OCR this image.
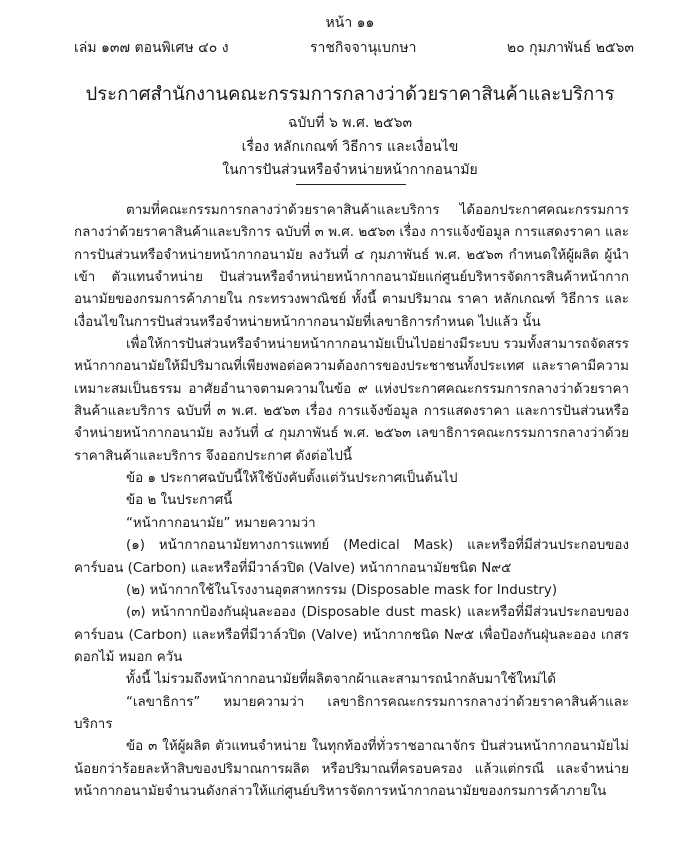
หน้า ๑๑
เล่ม ๑๓๗ ตอนพิเศษ ๔๐ ง	ราชกิจจานุเบกษา	๒๐ กุมภาพันธ์ ๒๕๖๓
ประกาศสำนักงานคณะกรรมการกลางว่าด้วยราคาสินค้าและบริการ
ฉบับที่ ๖ พ.ศ. ๒๕๖๓
เรื่อง หลักเกณฑ์ วิธีการ และเงื่อนไข
ในการปันส่วนหรือจำหน่ายหน้ากากอนามัย

ตามที่คณะกรรมการกลางว่าด้วยราคาสินค้าและบริการ ได้ออกประกาศคณะกรรมการกลางว่าด้วยราคาสินค้าและบริการ ฉบับที่ ๓ พ.ศ. ๒๕๖๓ เรื่อง การแจ้งข้อมูล การแสดงราคา และการปันส่วนหรือจำหน่ายหน้ากากอนามัย ลงวันที่ ๔ กุมภาพันธ์ พ.ศ. ๒๕๖๓ กำหนดให้ผู้ผลิต ผู้นำเข้า ตัวแทนจำหน่าย ปันส่วนหรือจำหน่ายหน้ากากอนามัยแก่ศูนย์บริหารจัดการสินค้าหน้ากากอนามัยของกรมการค้าภายใน กระทรวงพาณิชย์ ทั้งนี้ ตามปริมาณ ราคา หลักเกณฑ์ วิธีการ และเงื่อนไขในการปันส่วนหรือจำหน่ายหน้ากากอนามัยที่เลขาธิการกำหนด ไปแล้ว นั้น

เพื่อให้การปันส่วนหรือจำหน่ายหน้ากากอนามัยเป็นไปอย่างมีระบบ รวมทั้งสามารถจัดสรรหน้ากากอนามัยให้มีปริมาณที่เพียงพอต่อความต้องการของประชาชนทั้งประเทศ และราคามีความเหมาะสมเป็นธรรม อาศัยอำนาจตามความในข้อ ๙ แห่งประกาศคณะกรรมการกลางว่าด้วยราคาสินค้าและบริการ ฉบับที่ ๓ พ.ศ. ๒๕๖๓ เรื่อง การแจ้งข้อมูล การแสดงราคา และการปันส่วนหรือจำหน่ายหน้ากากอนามัย ลงวันที่ ๔ กุมภาพันธ์ พ.ศ. ๒๕๖๓ เลขาธิการคณะกรรมการกลางว่าด้วยราคาสินค้าและบริการ จึงออกประกาศ ดังต่อไปนี้

ข้อ ๑ ประกาศฉบับนี้ให้ใช้บังคับตั้งแต่วันประกาศเป็นต้นไป

ข้อ ๒ ในประกาศนี้

“หน้ากากอนามัย” หมายความว่า

(๑) หน้ากากอนามัยทางการแพทย์ (Medical Mask) และหรือที่มีส่วนประกอบของคาร์บอน (Carbon) และหรือที่มีวาล์วปิด (Valve) หน้ากากอนามัยชนิด N๙๕

(๒) หน้ากากใช้ในโรงงานอุตสาหกรรม (Disposable mask for Industry)

(๓) หน้ากากป้องกันฝุ่นละออง (Disposable dust mask) และหรือที่มีส่วนประกอบของคาร์บอน (Carbon) และหรือที่มีวาล์วปิด (Valve) หน้ากากชนิด N๙๕ เพื่อป้องกันฝุ่นละออง เกสรดอกไม้ หมอก ควัน

ทั้งนี้ ไม่รวมถึงหน้ากากอนามัยที่ผลิตจากผ้าและสามารถนำกลับมาใช้ใหม่ได้

“เลขาธิการ” หมายความว่า เลขาธิการคณะกรรมการกลางว่าด้วยราคาสินค้าและบริการ

ข้อ ๓ ให้ผู้ผลิต ตัวแทนจำหน่าย ในทุกท้องที่ทั่วราชอาณาจักร ปันส่วนหน้ากากอนามัยไม่น้อยกว่าร้อยละห้าสิบของปริมาณการผลิต หรือปริมาณที่ครอบครอง แล้วแต่กรณี และจำหน่ายหน้ากากอนามัยจำนวนดังกล่าวให้แก่ศูนย์บริหารจัดการหน้ากากอนามัยของกรมการค้าภายใน
